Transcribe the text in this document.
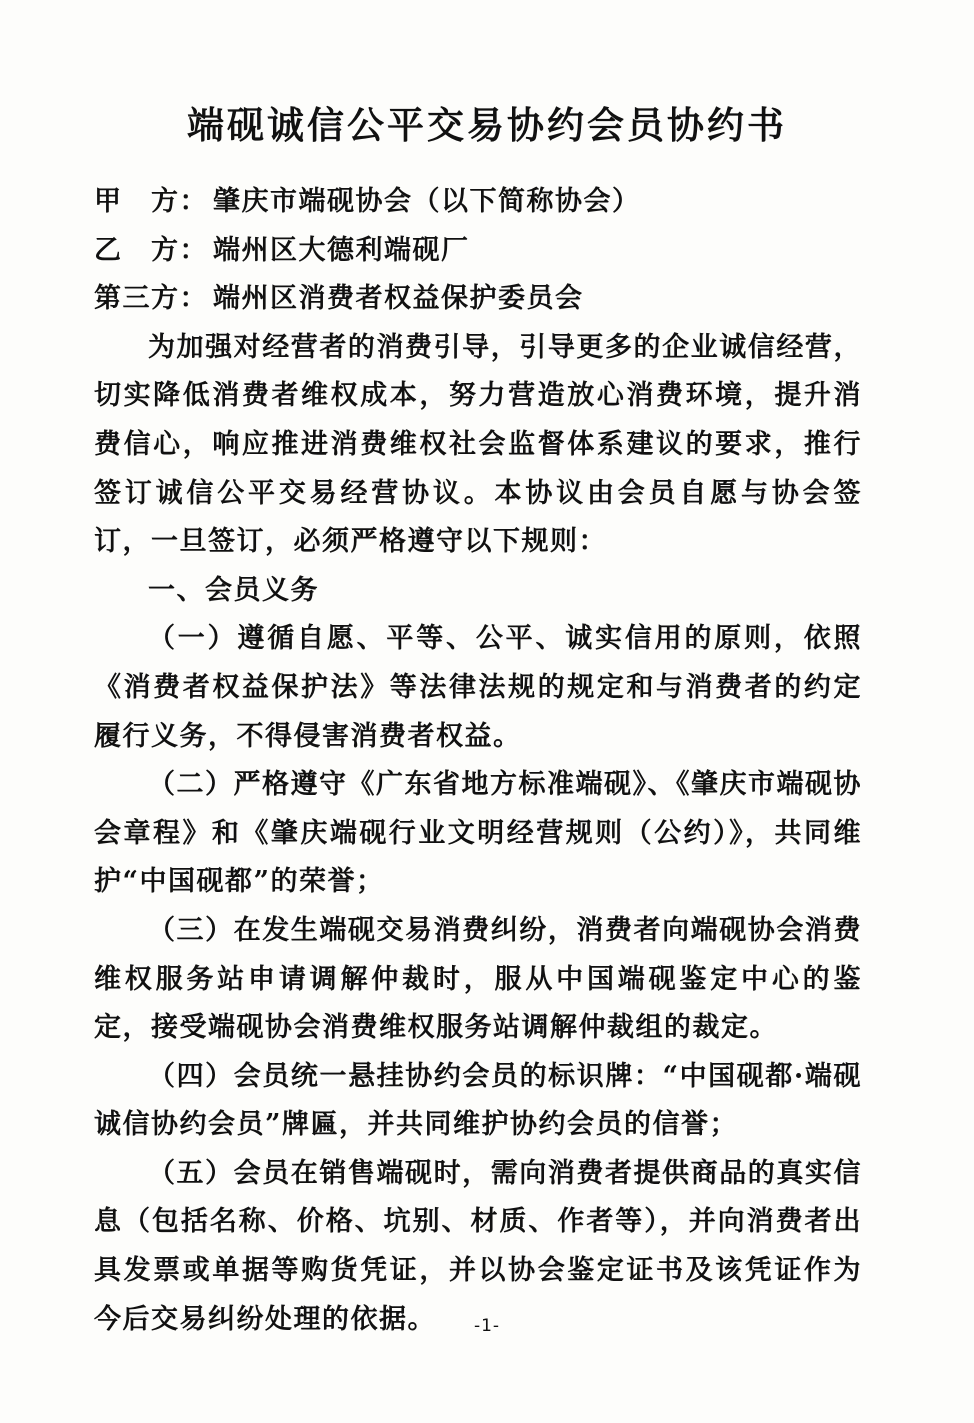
端砚诚信公平交易协约会员协约书
甲　方： 肇庆市端砚协会（以下简称协会）
乙　方： 端州区大德利端砚厂
第三方： 端州区消费者权益保护委员会

为加强对经营者的消费引导，引导更多的企业诚信经营，切实降低消费者维权成本，努力营造放心消费环境，提升消费信心，响应推进消费维权社会监督体系建议的要求，推行签订诚信公平交易经营协议。本协议由会员自愿与协会签订，一旦签订，必须严格遵守以下规则：

一、会员义务

（一）遵循自愿、平等、公平、诚实信用的原则，依照《消费者权益保护法》等法律法规的规定和与消费者的约定履行义务，不得侵害消费者权益。

（二）严格遵守《广东省地方标准端砚》、《肇庆市端砚协会章程》和《肇庆端砚行业文明经营规则（公约）》，共同维护“中国砚都”的荣誉；

（三）在发生端砚交易消费纠纷，消费者向端砚协会消费维权服务站申请调解仲裁时，服从中国端砚鉴定中心的鉴定，接受端砚协会消费维权服务站调解仲裁组的裁定。

（四）会员统一悬挂协约会员的标识牌：“中国砚都·端砚诚信协约会员”牌匾，并共同维护协约会员的信誉；

（五）会员在销售端砚时，需向消费者提供商品的真实信息（包括名称、价格、坑别、材质、作者等），并向消费者出具发票或单据等购货凭证，并以协会鉴定证书及该凭证作为今后交易纠纷处理的依据。	-1-
